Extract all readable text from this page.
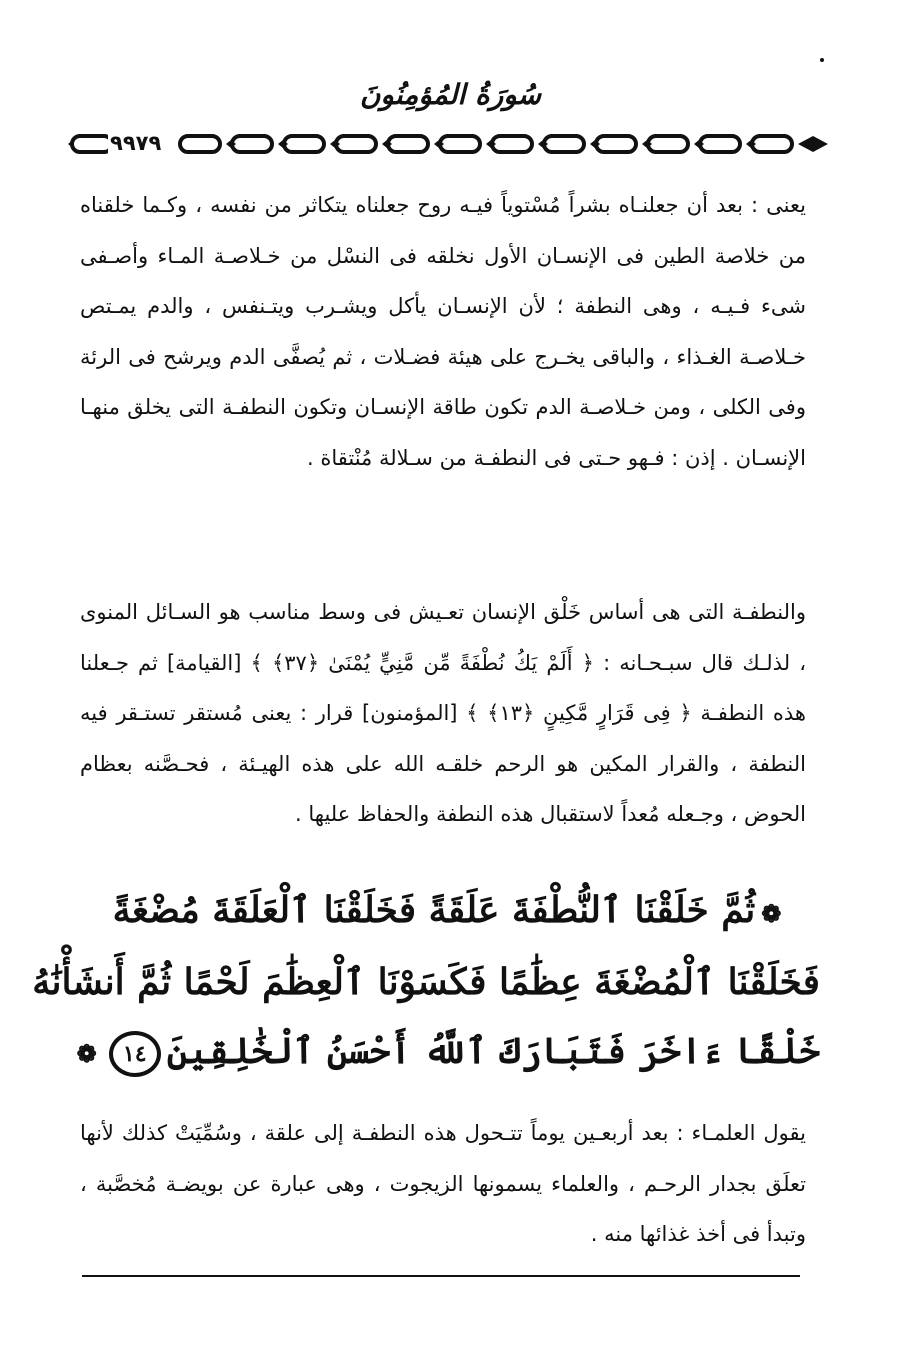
سُورَةُ المُؤمِنُونَ
٩٩٧٩

يعنى : بعد أن جعلنـاه بشراً مُسْتوياً فيـه روح جعلناه يتكاثر من نفسه ، وكـما خلقناه من خلاصة الطين فى الإنسـان الأول نخلقه فى النسْل من خـلاصـة المـاء وأصـفى شىء فـيـه ، وهى النطفة ؛ لأن الإنسـان يأكل ويشـرب ويتـنفس ، والدم يمـتص خـلاصـة الغـذاء ، والباقى يخـرج على هيئة فضـلات ، ثم يُصفَّى الدم ويرشح فى الرئة وفى الكلى ، ومن خـلاصـة الدم تكون طاقة الإنسـان وتكون النطفـة التى يخلق منهـا الإنسـان . إذن : فـهو حـتى فى النطفـة من سـلالة مُنْتقاة .

والنطفـة التى هى أساس خَلْق الإنسان تعـيش فى وسط مناسب هو السـائل المنوى ، لذلـك قال سبـحـانه : ﴿ أَلَمْ يَكُ نُطْفَةً مِّن مَّنِيٍّ يُمْنَىٰ ﴿٣٧﴾ ﴾ [القيامة] ثم جـعلنا هذه النطفـة ﴿ فِى قَرَارٍ مَّكِينٍ ﴿١٣﴾ ﴾ [المؤمنون] قرار : يعنى مُستقر تستـقر فيه النطفة ، والقرار المكين هو الرحم خلقـه الله على هذه الهيـئة ، فحـصَّنه بعظام الحوض ، وجـعله مُعداً لاستقبال هذه النطفة والحفاظ عليها .

❁ثُمَّ خَلَقْنَا ٱلنُّطْفَةَ عَلَقَةً فَخَلَقْنَا ٱلْعَلَقَةَ مُضْغَةً
فَخَلَقْنَا ٱلْمُضْغَةَ عِظَٰمًا فَكَسَوْنَا ٱلْعِظَٰمَ لَحْمًا ثُمَّ أَنشَأْنَٰهُ
خَلْقًا ءَاخَرَ فَتَبَارَكَ ٱللَّهُ أَحْسَنُ ٱلْخَٰلِقِينَ١٤❁

يقول العلمـاء : بعد أربعـين يوماً تتـحول هذه النطفـة إلى علقة ، وسُمِّيَتْ كذلك لأنها تعلَق بجدار الرحـم ، والعلماء يسمونها الزيجوت ، وهى عبارة عن بويضـة مُخصَّبة ، وتبدأ فى أخذ غذائها منه .
